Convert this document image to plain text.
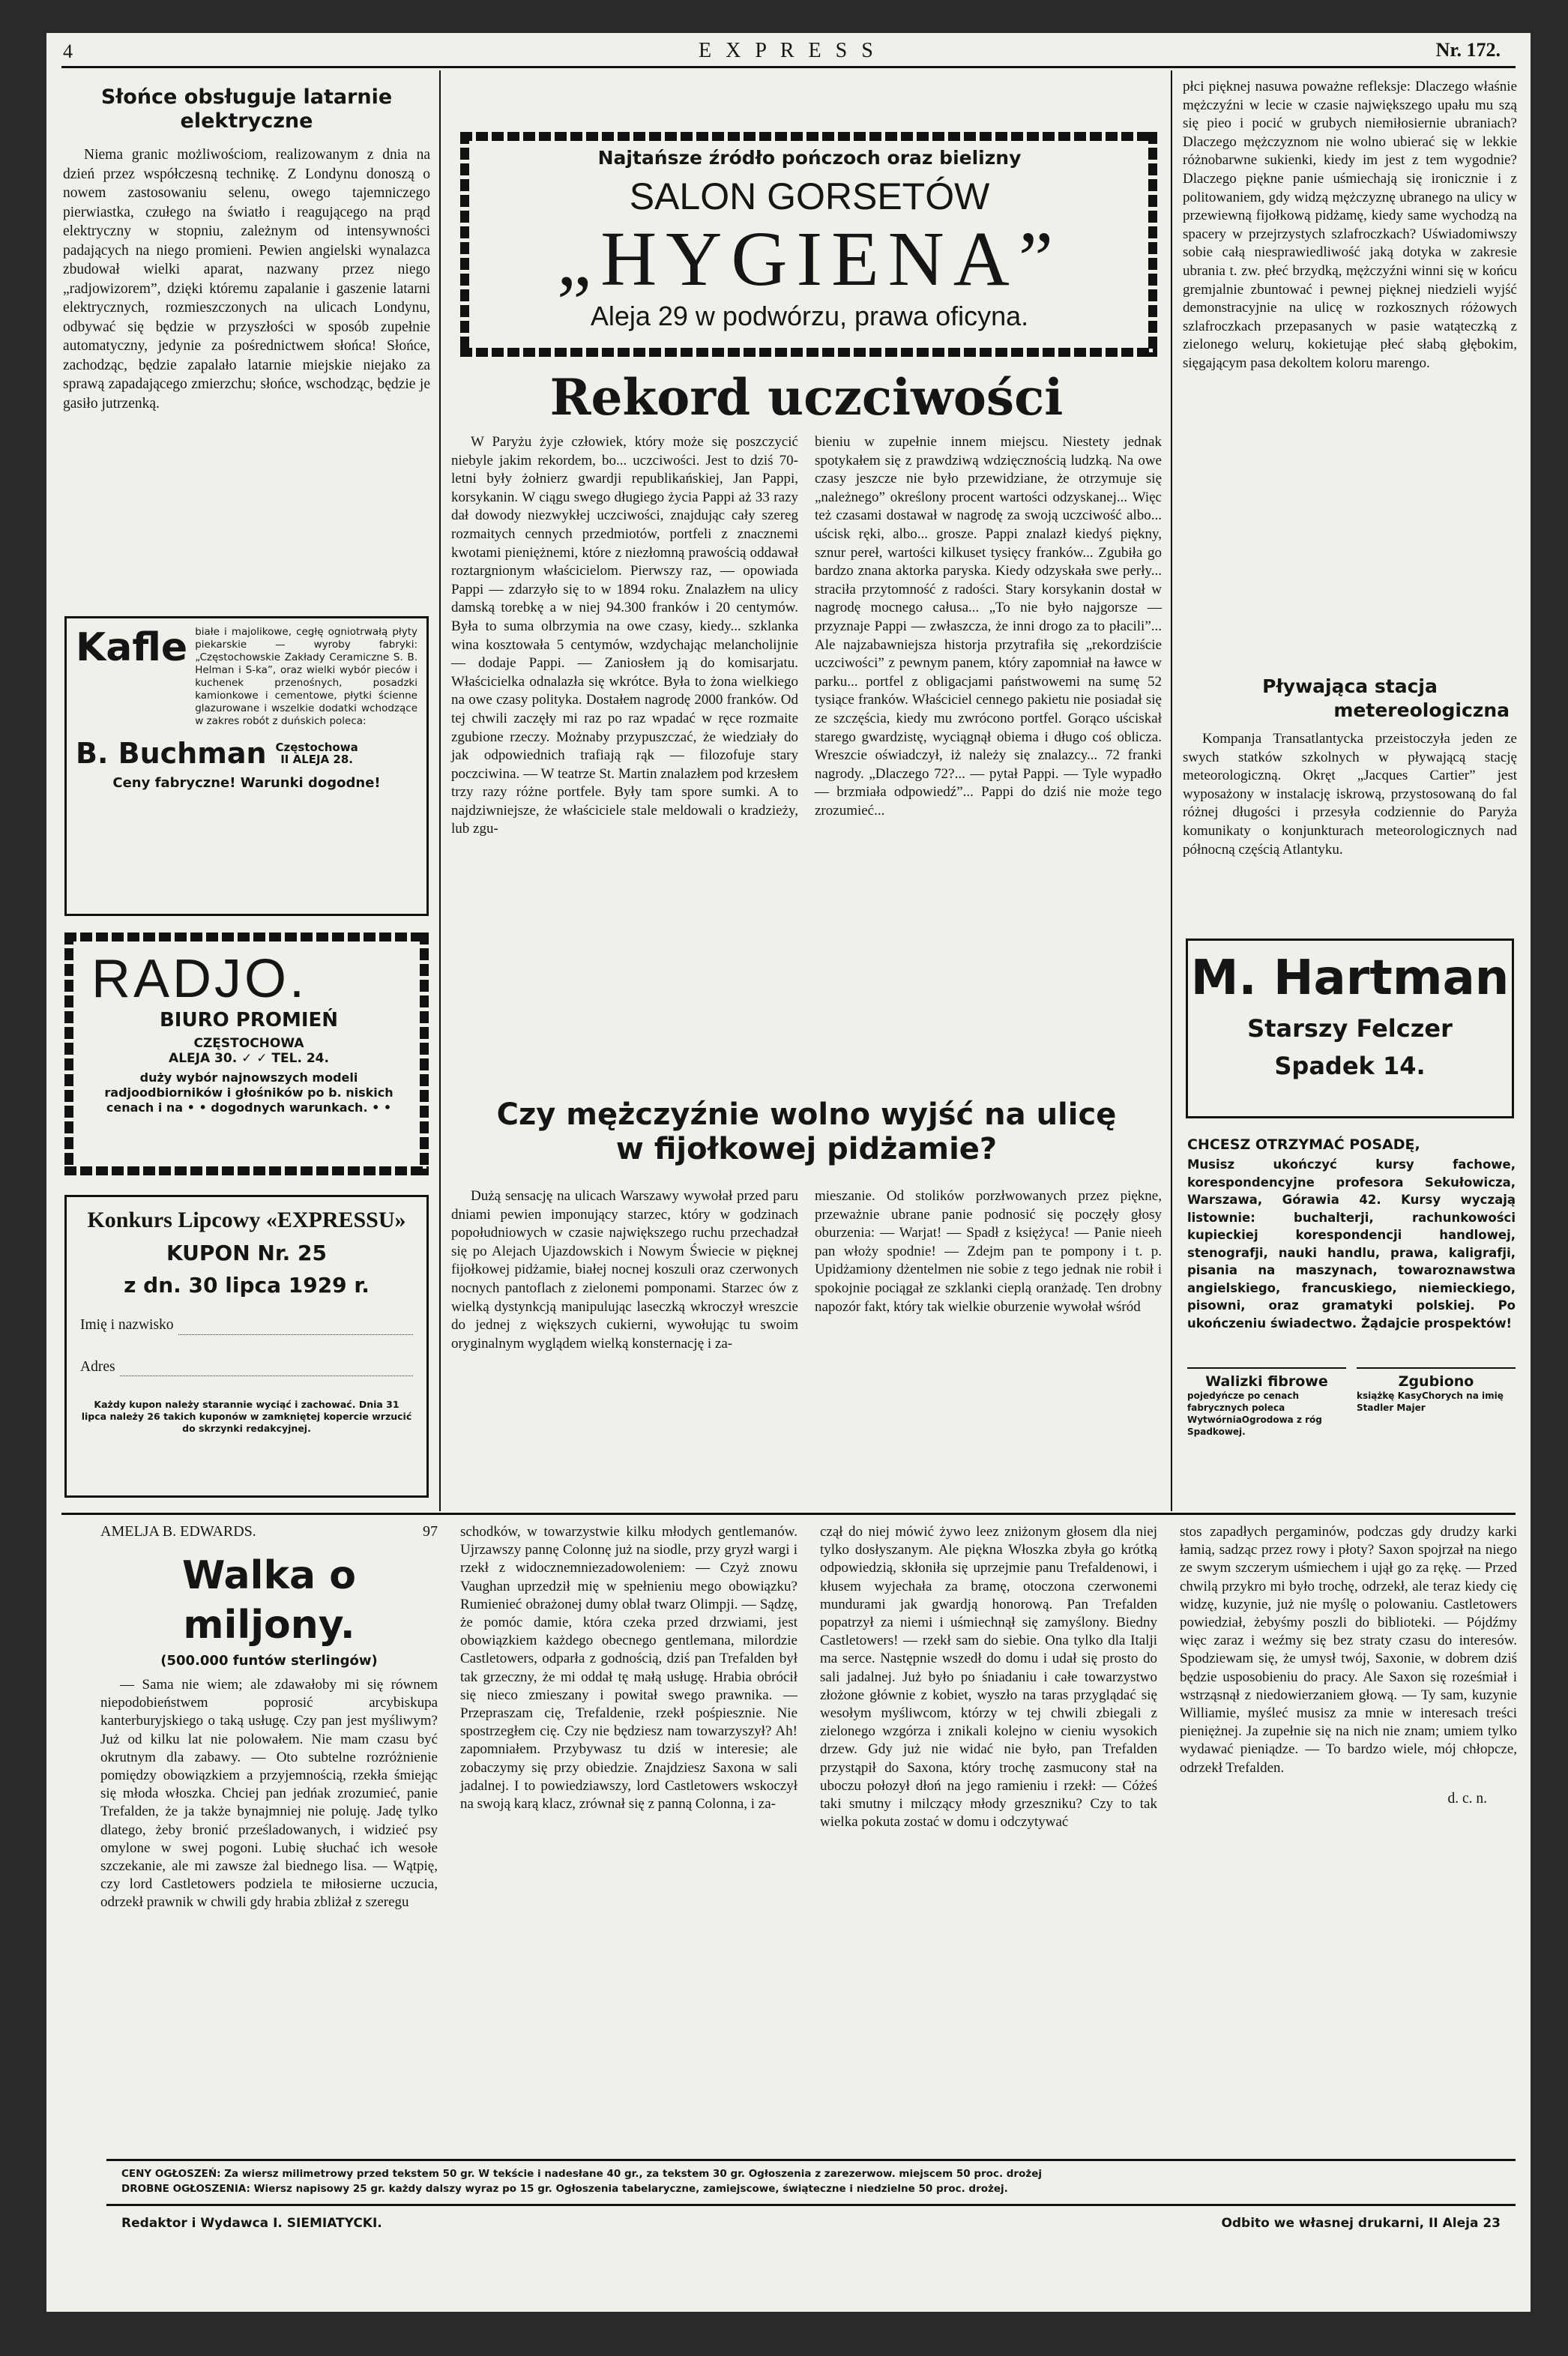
4	E X P R E S S	Nr. 172.

Słońce obsługuje latarnie elektryczne

Niema granic możliwościom, realizowanym z dnia na dzień przez współczesną technikę. Z Londynu donoszą o nowem zastosowaniu selenu, owego tajemniczego pierwiastka, czułego na światło i reagującego na prąd elektryczny w stopniu, zależnym od intensywności padających na niego promieni. Pewien angielski wynalazca zbudował wielki aparat, nazwany przez niego „radjowizorem”, dzięki któremu zapalanie i gaszenie latarni elektrycznych, rozmieszczonych na ulicach Londynu, odbywać się będzie w przyszłości w sposób zupełnie automatyczny, jedynie za pośrednictwem słońca! Słońce, zachodząc, będzie zapalało latarnie miejskie niejako za sprawą zapadającego zmierzchu; słońce, wschodząc, będzie je gasiło jutrzenką.

Kafle białe i majolikowe, cegłę ogniotrwałą płyty piekarskie — wyroby fabryki: „Częstochowskie Zakłady Ceramiczne S. B. Helman i S-ka”, oraz wielki wybór pieców i kuchenek przenośnych, posadzki kamionkowe i cementowe, płytki ścienne glazurowane i wszelkie dodatki wchodzące w zakres robót z duńskich poleca:

B. Buchman Częstochowa
II ALEJA 28.
Ceny fabryczne! Warunki dogodne!
RADJO.
BIURO PROMIEŃ
CZĘSTOCHOWA
ALEJA 30. ✓ ✓ TEL. 24.

duży wybór najnowszych modeli radjoodbiorników i głośników po b. niskich cenach i na • • dogodnych warunkach. • •

Konkurs Lipcowy «EXPRESSU»
KUPON Nr. 25
z dn. 30 lipca 1929 r.
Imię i nazwisko
Adres

Każdy kupon należy starannie wyciąć i zachować. Dnia 31 lipca należy 26 takich kuponów w zamkniętej kopercie wrzucić do skrzynki redakcyjnej.

Najtańsze źródło pończoch oraz bielizny
SALON GORSETÓW
„HYGIENA”
Aleja 29 w podwórzu, prawa oficyna.

Rekord uczciwości

W Paryżu żyje człowiek, który może się poszczycić niebyle jakim rekordem, bo... uczciwości. Jest to dziś 70-letni były żołnierz gwardji republikańskiej, Jan Pappi, korsykanin. W ciągu swego długiego życia Pappi aż 33 razy dał dowody niezwykłej uczciwości, znajdując cały szereg rozmaitych cennych przedmiotów, portfeli z znacznemi kwotami pieniężnemi, które z niezłomną prawością oddawał roztargnionym właścicielom. Pierwszy raz, — opowiada Pappi — zdarzyło się to w 1894 roku. Znalazłem na ulicy damską torebkę a w niej 94.300 franków i 20 centymów. Była to suma olbrzymia na owe czasy, kiedy... szklanka wina kosztowała 5 centymów, wzdychając melancholijnie — dodaje Pappi. — Zaniosłem ją do komisarjatu. Właścicielka odnalazła się wkrótce. Była to żona wielkiego na owe czasy polityka. Dostałem nagrodę 2000 franków. Od tej chwili zaczęły mi raz po raz wpadać w ręce rozmaite zgubione rzeczy. Możnaby przypuszczać, że wiedziały do jak odpowiednich trafiają rąk — filozofuje stary poczciwina. — W teatrze St. Martin znalazłem pod krzesłem trzy razy różne portfele. Były tam spore sumki. A to najdziwniejsze, że właściciele stale meldowali o kradzieży, lub zgu-

bieniu w zupełnie innem miejscu. Niestety jednak spotykałem się z prawdziwą wdzięcznością ludzką. Na owe czasy jeszcze nie było przewidziane, że otrzymuje się „należnego” określony procent wartości odzyskanej... Więc też czasami dostawał w nagrodę za swoją uczciwość albo... uścisk ręki, albo... grosze. Pappi znalazł kiedyś piękny, sznur pereł, wartości kilkuset tysięcy franków... Zgubiła go bardzo znana aktorka paryska. Kiedy odzyskała swe perły... straciła przytomność z radości. Stary korsykanin dostał w nagrodę mocnego całusa... „To nie było najgorsze — przyznaje Pappi — zwłaszcza, że inni drogo za to płacili”... Ale najzabawniejsza historja przytrafiła się „rekordziście uczciwości” z pewnym panem, który zapomniał na ławce w parku... portfel z obligacjami państwowemi na sumę 52 tysiące franków. Właściciel cennego pakietu nie posiadał się ze szczęścia, kiedy mu zwrócono portfel. Gorąco uściskał starego gwardzistę, wyciągnął obiema i długo coś oblicza. Wreszcie oświadczył, iż należy się znalazcy... 72 franki nagrody. „Dlaczego 72?... — pytał Pappi. — Tyle wypadło — brzmiała odpowiedź”... Pappi do dziś nie może tego zrozumieć...

Czy mężczyźnie wolno wyjść na ulicę

w fijołkowej pidżamie?

Dużą sensację na ulicach Warszawy wywołał przed paru dniami pewien imponujący starzec, który w godzinach popołudniowych w czasie największego ruchu przechadzał się po Alejach Ujazdowskich i Nowym Świecie w pięknej fijołkowej pidżamie, białej nocnej koszuli oraz czerwonych nocnych pantoflach z zielonemi pomponami. Starzec ów z wielką dystynkcją manipulując laseczką wkroczył wreszcie do jednej z większych cukierni, wywołując tu swoim oryginalnym wyglądem wielką konsternację i za-

mieszanie. Od stolików porzłwowanych przez piękne, przeważnie ubrane panie podnosić się poczęły głosy oburzenia: — Warjat! — Spadł z księżyca! — Panie nieeh pan włoży spodnie! — Zdejm pan te pompony i t. p. Upidżamiony dżentelmen nie sobie z tego jednak nie robił i spokojnie pociągał ze szklanki cieplą oranżadę. Ten drobny napozór fakt, który tak wielkie oburzenie wywołał wśród

płci pięknej nasuwa poważne refleksje: Dlaczego właśnie mężczyźni w lecie w czasie największego upału mu szą się pieo i pocić w grubych niemiłosiernie ubraniach? Dlaczego mężczyznom nie wolno ubierać się w lekkie różnobarwne sukienki, kiedy im jest z tem wygodnie? Dlaczego piękne panie uśmiechają się ironicznie i z politowaniem, gdy widzą mężczyznę ubranego na ulicy w przewiewną fijołkową pidżamę, kiedy same wychodzą na spacery w przejrzystych szlafroczkach? Uświadomiwszy sobie całą niesprawiedliwość jaką dotyka w zakresie ubrania t. zw. płeć brzydką, mężczyźni winni się w końcu gremjalnie zbuntować i pewnej pięknej niedzieli wyjść demonstracyjnie na ulicę w rozkosznych różowych szlafroczkach przepasanych w pasie watąteczką z zielonego welurų, kokietująe płeć słabą głębokim, sięgającym pasa dekoltem koloru marengo.

Pływająca stacja

metereologiczna

Kompanja Transatlantycka przeistoczyła jeden ze swych statków szkolnych w pływającą stację meteorologiczną. Okręt „Jacques Cartier” jest wyposażony w instalację iskrową, przystosowaną do fal różnej długości i przesyła codziennie do Paryża komunikaty o konjunkturach meteorologicznych nad północną częścią Atlantyku.

M. Hartman
Starszy Felczer
Spadek 14.

CHCESZ OTRZYMAĆ POSADĘ,

Musisz ukończyć kursy fachowe, korespondencyjne profesora Sekułowicza, Warszawa, Górawia 42. Kursy wyczają listownie: buchalterji, rachunkowości kupieckiej korespondencji handlowej, stenografji, nauki handlu, prawa, kaligrafji, pisania na maszynach, towaroznawstwa angielskiego, francuskiego, niemieckiego, pisowni, oraz gramatyki polskiej. Po ukończeniu świadectwo. Żądajcie prospektów!

Walizki fibrowe

pojedyńcze po cenach fabrycznych poleca WytwórniaOgrodowa z róg Spadkowej.

Zgubiono

książkę KasyChorych na imię Stadler Majer

AMELJA B. EDWARDS.	97
Walka o miljony.
(500.000 funtów sterlingów)

— Sama nie wiem; ale zdawałoby mi się równem niepodobieństwem poprosić arcybiskupa kanterburyjskiego o taką usługę. Czy pan jest myśliwym? Już od kilku lat nie polowałem. Nie mam czasu być okrutnym dla zabawy. — Oto subtelne rozróżnienie pomiędzy obowiązkiem a przyjemnością, rzekła śmiejąc się młoda włoszka. Chciej pan jedńak zrozumieć, panie Trefalden, że ja także bynajmniej nie poluję. Jadę tylko dlatego, żeby bronić prześladowanych, i widzieć psy omylone w swej pogoni. Lubię słuchać ich wesołe szczekanie, ale mi zawsze żal biednego lisa. — Wątpię, czy lord Castletowers podziela te miłosierne uczucia, odrzekł prawnik w chwili gdy hrabia zbliżał z szeregu

schodków, w towarzystwie kilku młodych gentlemanów. Ujrzawszy pannę Colonnę już na siodle, przy gryzł wargi i rzekł z widocznemniezadowoleniem: — Czyż znowu Vaughan uprzedził mię w spełnieniu mego obowiązku? Rumienieć obrażonej dumy oblał twarz Olimpji. — Sądzę, że pomóc damie, która czeka przed drzwiami, jest obowiązkiem każdego obecnego gentlemana, milordzie Castletowers, odparła z godnością, dziś pan Trefalden był tak grzeczny, że mi oddał tę małą usługę. Hrabia obrócił się nieco zmieszany i powitał swego prawnika. — Przepraszam cię, Trefaldenie, rzekł pośpiesznie. Nie spostrzegłem cię. Czy nie będziesz nam towarzyszył? Ah! zapomniałem. Przybywasz tu dziś w interesie; ale zobaczymy się przy obiedzie. Znajdziesz Saxona w sali jadalnej. I to powiedziawszy, lord Castletowers wskoczył na swoją karą klacz, zrównał się z panną Colonna, i za-

czął do niej mówić żywo leez zniżonym głosem dla niej tylko dosłyszanym. Ale piękna Włoszka zbyła go krótką odpowiedzią, skłoniła się uprzejmie panu Trefaldenowi, i kłusem wyjechała za bramę, otoczona czerwonemi mundurami jak gwardją honorową. Pan Trefalden popatrzył za niemi i uśmiechnął się zamyślony. Biedny Castletowers! — rzekł sam do siebie. Ona tylko dla Italji ma serce. Następnie wszedł do domu i udał się prosto do sali jadalnej. Już było po śniadaniu i całe towarzystwo złożone głównie z kobiet, wyszło na taras przyglądać się wesołym myśliwcom, którzy w tej chwili zbiegali z zielonego wzgórza i znikali kolejno w cieniu wysokich drzew. Gdy już nie widać nie było, pan Trefalden przystąpił do Saxona, który trochę zasmucony stał na uboczu połozył dłoń na jego ramieniu i rzekł: — Cóżeś taki smutny i milczący młody grzeszniku? Czy to tak wielka pokuta zostać w domu i odczytywać

stos zapadłych pergaminów, podczas gdy drudzy karki łamią, sadząc przez rowy i płoty? Saxon spojrzał na niego ze swym szczerym uśmiechem i ujął go za rękę. — Przed chwilą przykro mi było trochę, odrzekł, ale teraz kiedy cię widzę, kuzynie, już nie myślę o polowaniu. Castletowers powiedział, żebyśmy poszli do biblioteki. — Pójdźmy więc zaraz i weźmy się bez straty czasu do interesów. Spodziewam się, że umysł twój, Saxonie, w dobrem dziś będzie usposobieniu do pracy. Ale Saxon się roześmiał i wstrząsnął z niedowierzaniem głową. — Ty sam, kuzynie Williamie, myśleć musisz za mnie w interesach treści pieniężnej. Ja zupełnie się na nich nie znam; umiem tylko wydawać pieniądze. — To bardzo wiele, mój chłopcze, odrzekł Trefalden.

d. c. n.

CENY OGŁOSZEŃ: Za wiersz milimetrowy przed tekstem 50 gr. W tekście i nadesłane 40 gr., za tekstem 30 gr. Ogłoszenia z zarezerwow. miejscem 50 proc. drożej

DROBNE OGŁOSZENIA: Wiersz napisowy 25 gr. każdy dalszy wyraz po 15 gr. Ogłoszenia tabelaryczne, zamiejscowe, świąteczne i niedzielne 50 proc. drożej.

Redaktor i Wydawca I. SIEMIATYCKI.	Odbito we własnej drukarni, II Aleja 23
